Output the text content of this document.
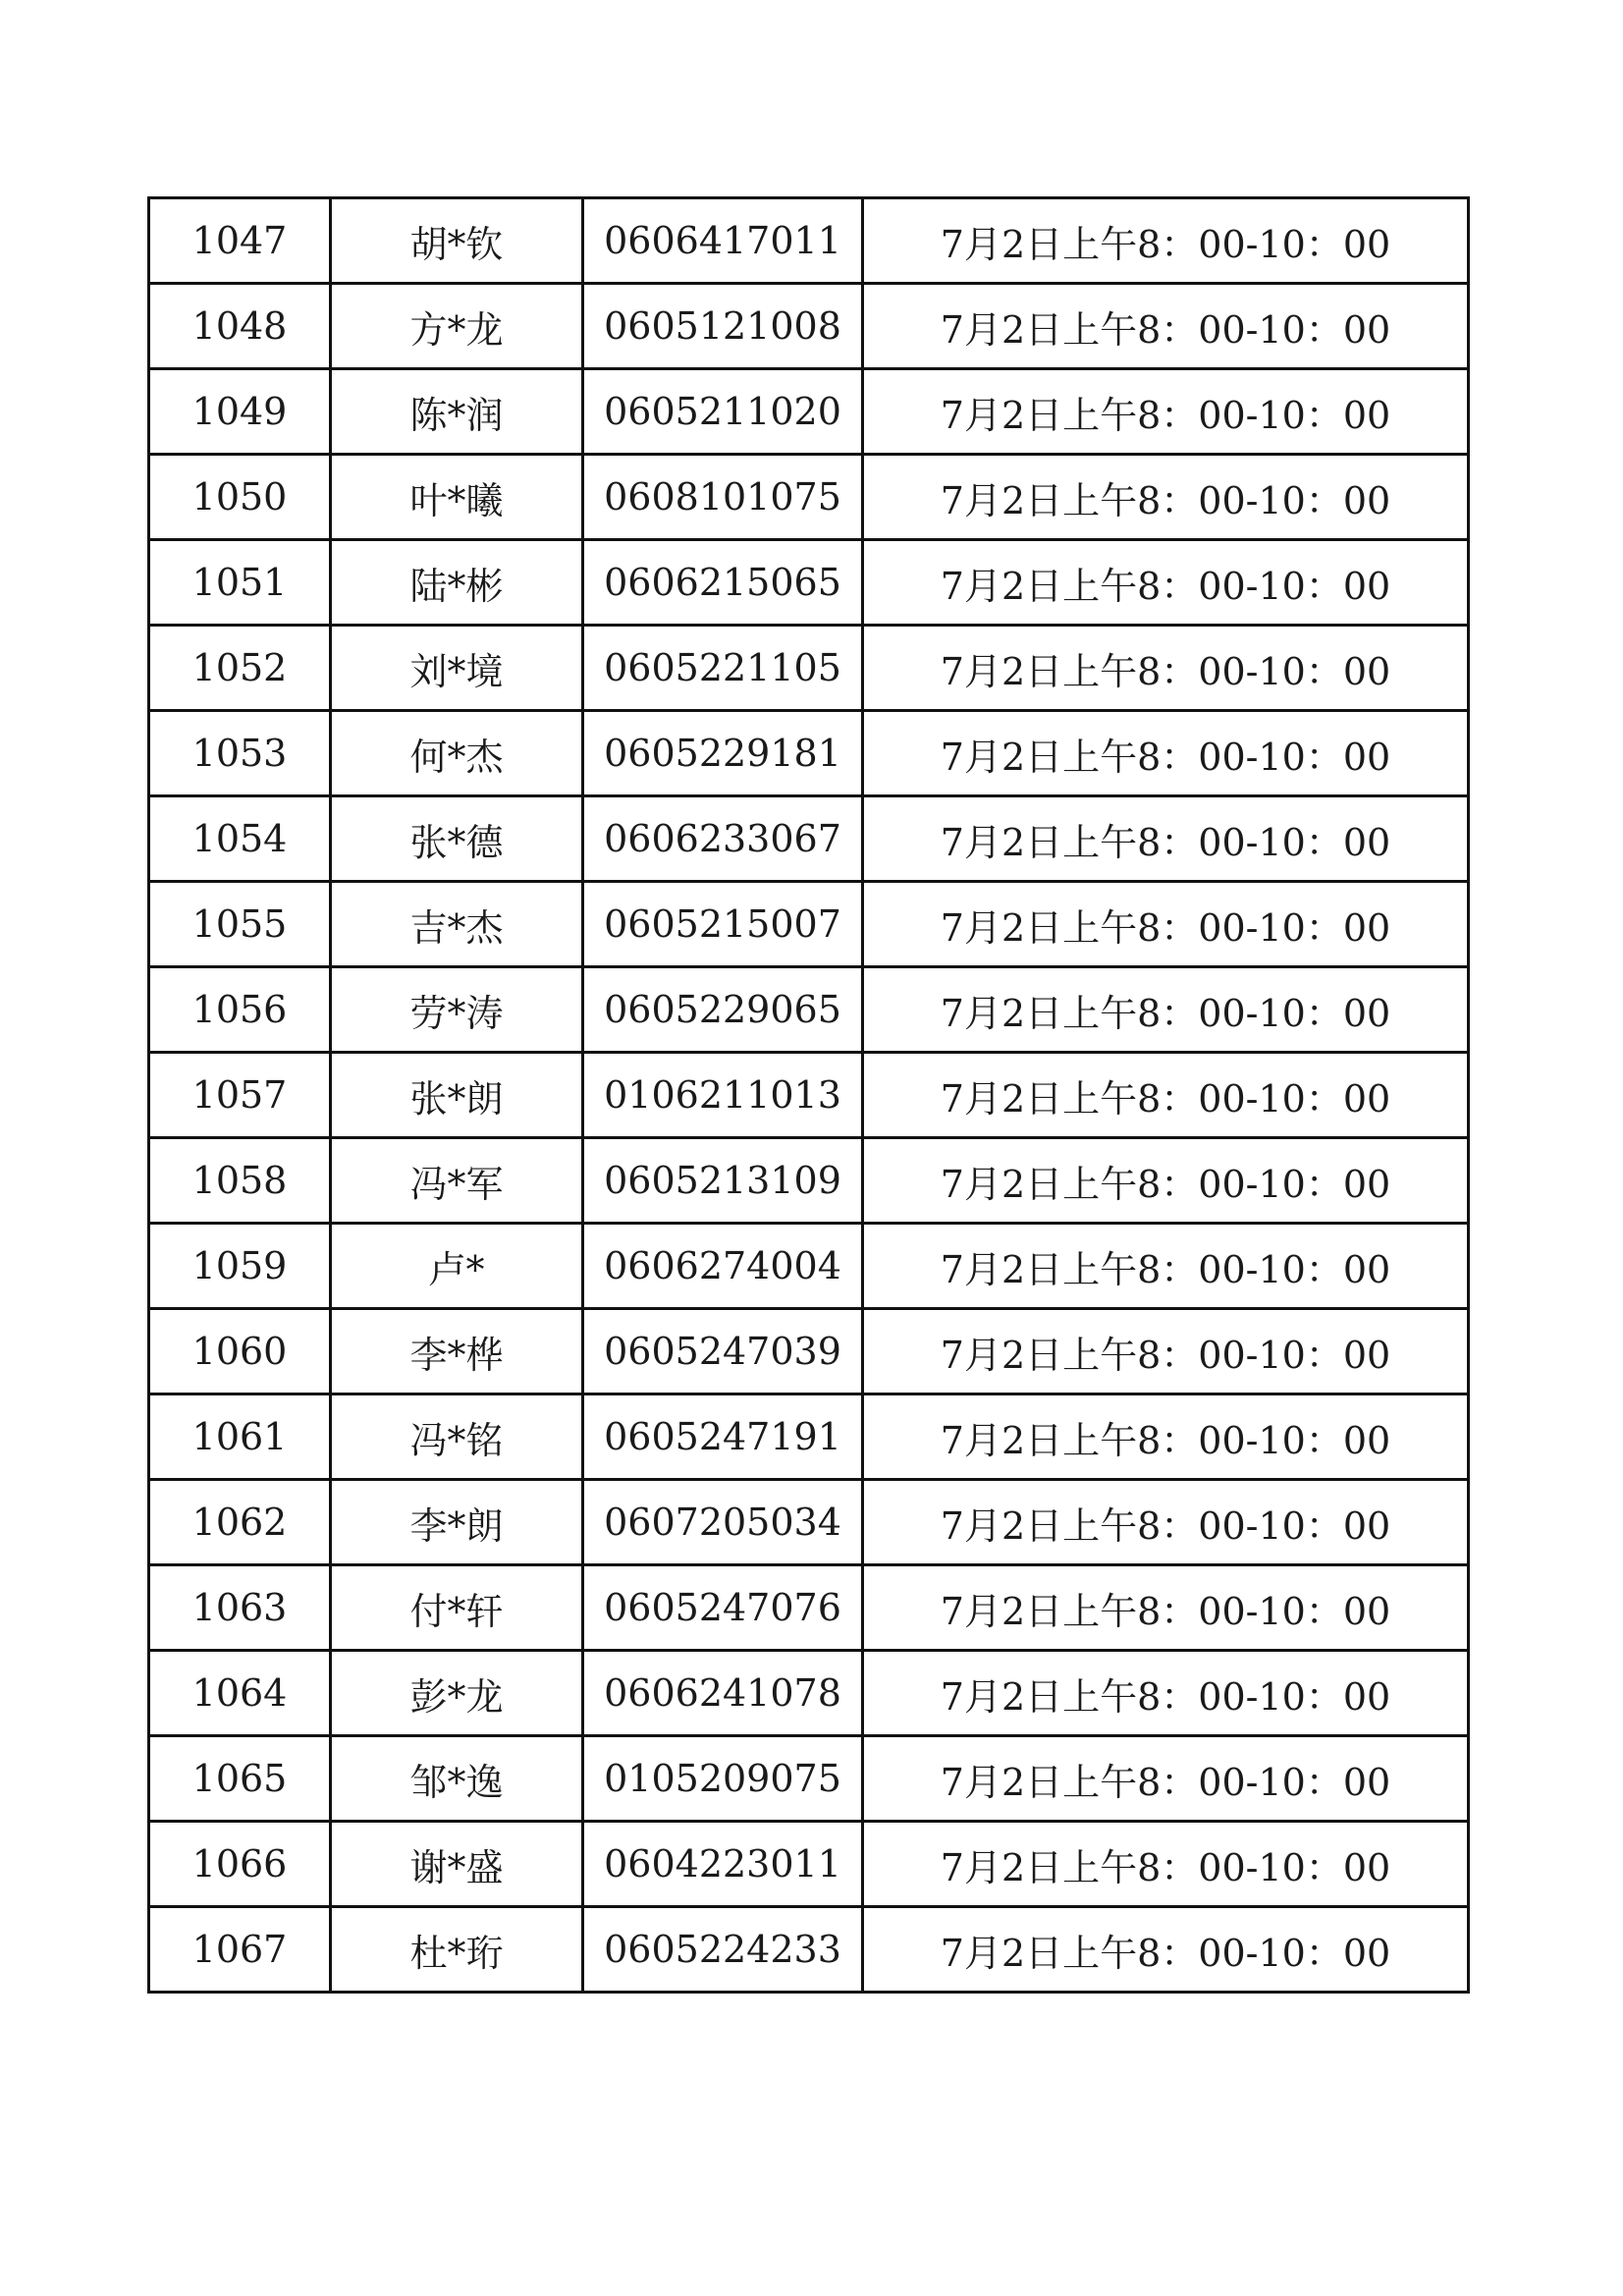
1047	胡*钦	0606417011	7月2日上午8：00-10：00
1048	方*龙	0605121008	7月2日上午8：00-10：00
1049	陈*润	0605211020	7月2日上午8：00-10：00
1050	叶*曦	0608101075	7月2日上午8：00-10：00
1051	陆*彬	0606215065	7月2日上午8：00-10：00
1052	刘*境	0605221105	7月2日上午8：00-10：00
1053	何*杰	0605229181	7月2日上午8：00-10：00
1054	张*德	0606233067	7月2日上午8：00-10：00
1055	吉*杰	0605215007	7月2日上午8：00-10：00
1056	劳*涛	0605229065	7月2日上午8：00-10：00
1057	张*朗	0106211013	7月2日上午8：00-10：00
1058	冯*军	0605213109	7月2日上午8：00-10：00
1059	卢*	0606274004	7月2日上午8：00-10：00
1060	李*桦	0605247039	7月2日上午8：00-10：00
1061	冯*铭	0605247191	7月2日上午8：00-10：00
1062	李*朗	0607205034	7月2日上午8：00-10：00
1063	付*轩	0605247076	7月2日上午8：00-10：00
1064	彭*龙	0606241078	7月2日上午8：00-10：00
1065	邹*逸	0105209075	7月2日上午8：00-10：00
1066	谢*盛	0604223011	7月2日上午8：00-10：00
1067	杜*珩	0605224233	7月2日上午8：00-10：00
